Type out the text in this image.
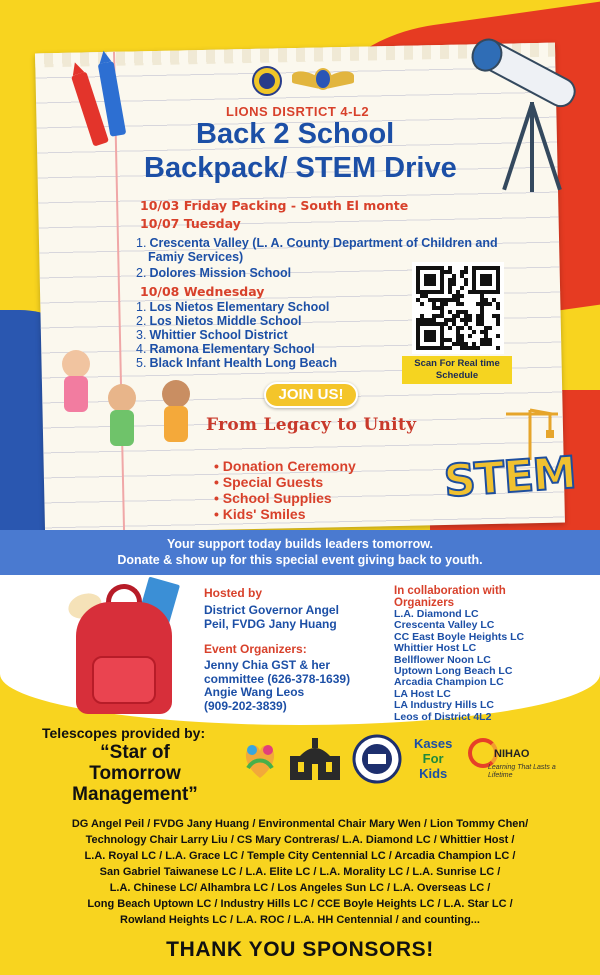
LIONS DISRTICT 4-L2
Back 2 School
Backpack/ STEM Drive
10/03 Friday Packing - South El monte
10/07 Tuesday
1. Crescenta Valley (L. A. County Department of Children and
Famiy Services)
2. Dolores Mission School
10/08 Wednesday
1. Los Nietos Elementary School
2. Los Nietos Middle School
3. Whittier School District
4. Ramona Elementary School
5. Black Infant Health Long Beach	Scan For Real time Schedule
JOIN US!
From Legacy to Unity
• Donation Ceremony
• Special Guests
• School Supplies
• Kids' Smiles
STEM
Your support today builds leaders tomorrow.
Donate & show up for this special event giving back to youth.
Hosted by
District Governor Angel
Peil, FVDG Jany Huang
Event Organizers:
Jenny Chia GST & her
committee (626-378-1639)
Angie Wang Leos
(909-202-3839)
In collaboration with
Organizers
L.A. Diamond LC
Crescenta Valley LC
CC East Boyle Heights LC
Whittier Host LC
Bellflower Noon LC
Uptown Long Beach LC
Arcadia Champion LC
LA Host LC
LA Industry Hills LC
Leos of District 4L2
Telescopes provided by:
“Star of
Tomorrow
Management”
Kases
For
Kids
NIHAO
Learning That Lasts a Lifetime
DG Angel Peil / FVDG Jany Huang / Environmental Chair Mary Wen / Lion Tommy Chen/
Technology Chair Larry Liu / CS Mary Contreras/ L.A. Diamond LC / Whittier Host /
L.A. Royal LC / L.A. Grace LC / Temple City Centennial LC / Arcadia Champion LC /
San Gabriel Taiwanese LC / L.A. Elite LC / L.A. Morality LC / L.A. Sunrise LC /
L.A. Chinese LC/ Alhambra LC / Los Angeles Sun LC / L.A. Overseas LC /
Long Beach Uptown LC / Industry Hills LC / CCE Boyle Heights LC / L.A. Star LC /
Rowland Heights LC / L.A. ROC / L.A. HH Centennial / and counting...
THANK YOU SPONSORS!
